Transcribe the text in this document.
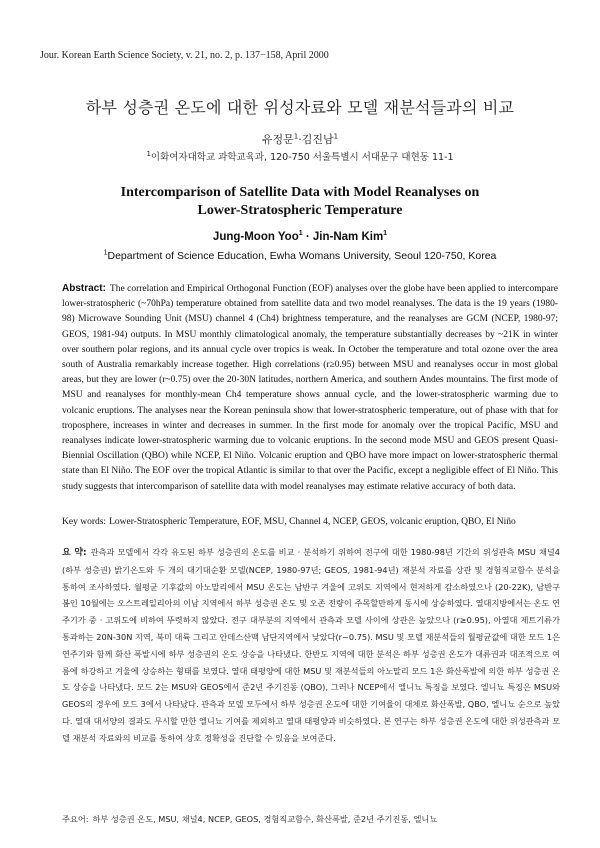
Jour. Korean Earth Science Society, v. 21, no. 2, p. 137−158, April 2000
하부 성층권 온도에 대한 위성자료와 모델 재분석들과의 비교
유정문$^1$·김진남$^1$
$^1$이화여자대학교 과학교육과, 120-750 서울특별시 서대문구 대현동 11-1
Intercomparison of Satellite Data with Model Reanalyses on
Lower-Stratospheric Temperature
Jung-Moon Yoo$^1$ · Jin-Nam Kim$^1$
$^1$Department of Science Education, Ewha Womans University, Seoul 120-750, Korea
Abstract: The correlation and Empirical Orthogonal Function (EOF) analyses over the globe have been applied to intercompare lower-stratospheric (~70hPa) temperature obtained from satellite data and two model reanalyses. The data is the 19 years (1980-98) Microwave Sounding Unit (MSU) channel 4 (Ch4) brightness temperature, and the reanalyses are GCM (NCEP, 1980-97; GEOS, 1981-94) outputs. In MSU monthly climatological anomaly, the temperature substantially decreases by ~21K in winter over southern polar regions, and its annual cycle over tropics is weak. In October the temperature and total ozone over the area south of Australia remarkably increase together. High correlations (r≥0.95) between MSU and reanalyses occur in most global areas, but they are lower (r~0.75) over the 20-30N latitudes, northern America, and southern Andes mountains. The first mode of MSU and reanalyses for monthly-mean Ch4 temperature shows annual cycle, and the lower-stratospheric warming due to volcanic eruptions. The analyses near the Korean peninsula show that lower-stratospheric temperature, out of phase with that for troposphere, increases in winter and decreases in summer. In the first mode for anomaly over the tropical Pacific, MSU and reanalyses indicate lower-stratospheric warming due to volcanic eruptions. In the second mode MSU and GEOS present Quasi-Biennial Oscillation (QBO) while NCEP, El Niño. Volcanic eruption and QBO have more impact on lower-stratospheric thermal state than El Niño. The EOF over the tropical Atlantic is similar to that over the Pacific, except a negligible effect of El Niño. This study suggests that intercomparison of satellite data with model reanalyses may estimate relative accuracy of both data.
Key words: Lower-Stratospheric Temperature, EOF, MSU, Channel 4, NCEP, GEOS, volcanic eruption, QBO, El Niño
요 약: 관측과 모델에서 각각 유도된 하부 성층권의 온도를 비교 · 분석하기 위하여 전구에 대한 1980-98년 기간의 위성관측 MSU 채널4 (하부 성층권) 밝기온도와 두 개의 대기대순환 모델(NCEP, 1980-97년; GEOS, 1981-94년) 재분석 자료를 상관 및 경험직교함수 분석을 통하여 조사하였다. 월평균 기후값의 아노말리에서 MSU 온도는 남반구 겨울에 고위도 지역에서 현저하게 감소하였으나 (20-22K), 남반구 봄인 10월에는 오스트레일리아의 이남 지역에서 하부 성층권 온도 및 오존 전량이 주목할만하게 동시에 상승하였다. 열대지방에서는 온도 연주기가 중 · 고위도에 비하여 뚜렷하지 않았다. 전구 대부분의 지역에서 관측과 모델 사이에 상관은 높았으나 (r≥0.95), 아열대 제트기류가 통과하는 20N-30N 지역, 북미 대륙 그리고 안데스산맥 남단지역에서 낮았다(r~0.75). MSU 및 모델 재분석들의 월평균값에 대한 모드 1은 연주기와 함께 화산 폭발시에 하부 성층권의 온도 상승을 나타냈다. 한반도 지역에 대한 분석은 하부 성층권 온도가 대류권과 대조적으로 여름에 하강하고 겨울에 상승하는 형태를 보였다. 열대 태평양에 대한 MSU 및 재분석들의 아노말리 모드 1은 화산폭발에 의한 하부 성층권 온도 상승을 나타냈다. 모드 2는 MSU와 GEOS에서 준2년 주기진동 (QBO), 그러나 NCEP에서 엘니뇨 특징을 보였다. 엘니뇨 특징은 MSU와 GEOS의 경우에 모드 3에서 나타났다. 관측과 모델 모두에서 하부 성층권 온도에 대한 기여율이 대체로 화산폭발, QBO, 엘니뇨 순으로 높았다. 열대 대서양의 결과도 무시할 만한 엘니뇨 기여를 제외하고 열대 태평양과 비슷하였다. 본 연구는 하부 성층권 온도에 대한 위성관측과 모델 재분석 자료와의 비교를 통하여 상호 정확성을 진단할 수 있음을 보여준다.
주요어: 하부 성층권 온도, MSU, 채널4, NCEP, GEOS, 경험직교함수, 화산폭발, 준2년 주기진동, 엘니뇨
